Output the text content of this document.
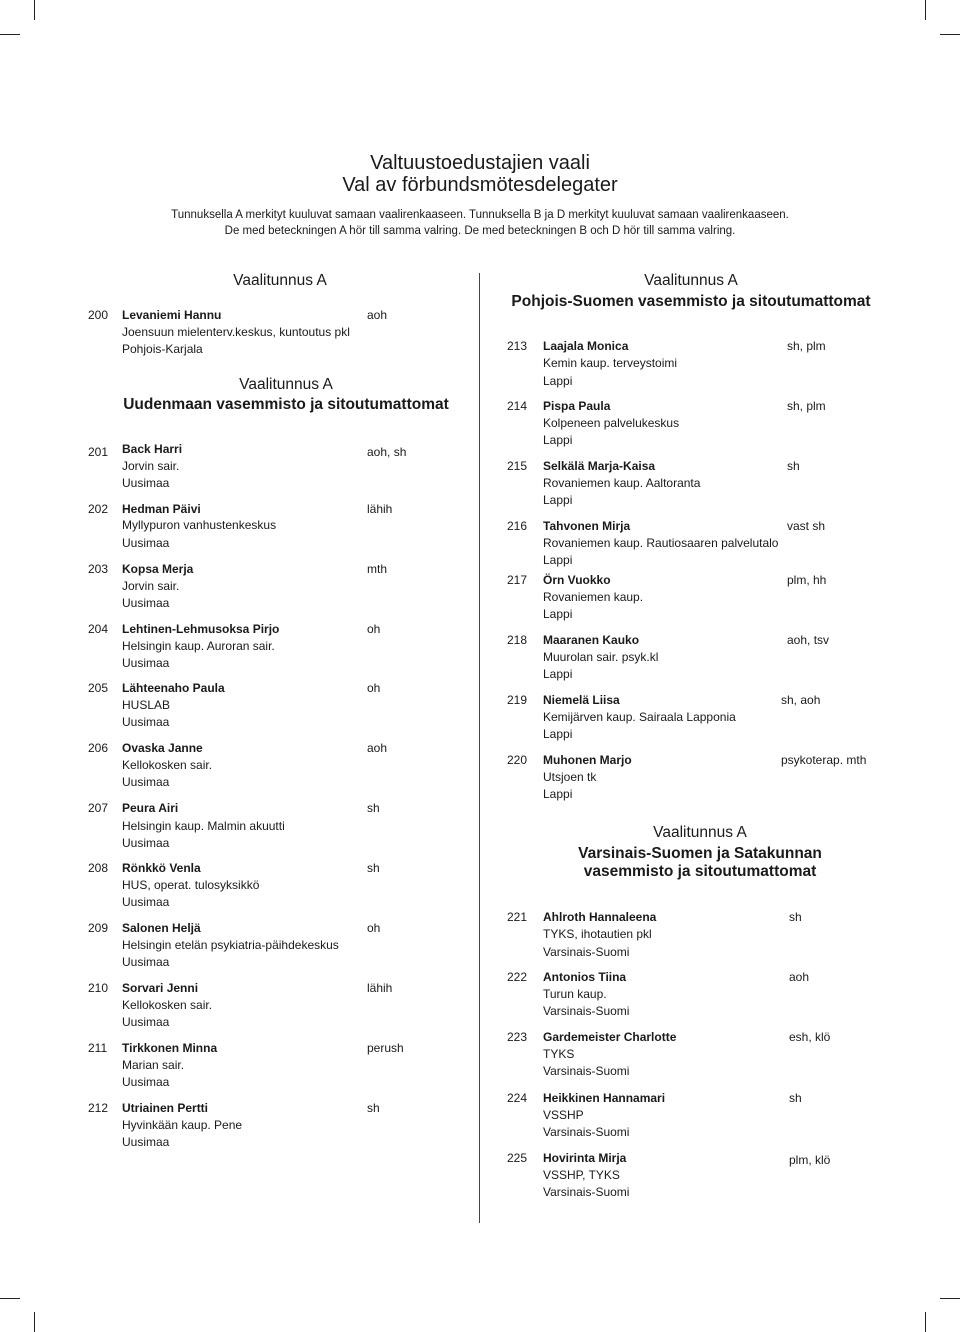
Valtuustoedustajien vaali

Val av förbundsmötesdelegater

Tunnuksella A merkityt kuuluvat samaan vaalirenkaaseen. Tunnuksella B ja D merkityt kuuluvat samaan vaalirenkaaseen.

De med beteckningen A hör till samma valring. De med beteckningen B och D hör till samma valring.

Vaalitunnus A
Vaalitunnus A
Uudenmaan vasemmisto ja sitoutumattomat
Vaalitunnus A
Pohjois-Suomen vasemmisto ja sitoutumattomat
Vaalitunnus A
Varsinais-Suomen ja Satakunnan
vasemmisto ja sitoutumattomat
200 Levaniemi Hannu	aoh
Joensuun mielenterv.keskus, kuntoutus pkl
Pohjois-Karjala
201 Back Harri	aoh, sh
Jorvin sair.
Uusimaa
202 Hedman Päivi	lähih
Myllypuron vanhustenkeskus
Uusimaa
203 Kopsa Merja	mth
Jorvin sair.
Uusimaa
204 Lehtinen-Lehmusoksa Pirjo	oh
Helsingin kaup. Auroran sair.
Uusimaa
205 Lähteenaho Paula	oh
HUSLAB
Uusimaa
206 Ovaska Janne	aoh
Kellokosken sair.
Uusimaa
207 Peura Airi	sh
Helsingin kaup. Malmin akuutti
Uusimaa
208 Rönkkö Venla	sh
HUS, operat. tulosyksikkö
Uusimaa
209 Salonen Heljä	oh
Helsingin etelän psykiatria-päihdekeskus
Uusimaa
210 Sorvari Jenni	lähih
Kellokosken sair.
Uusimaa
211 Tirkkonen Minna	perush
Marian sair.
Uusimaa
212 Utriainen Pertti	sh
Hyvinkään kaup. Pene
Uusimaa
213 Laajala Monica	sh, plm
Kemin kaup. terveystoimi
Lappi
214 Pispa Paula	sh, plm
Kolpeneen palvelukeskus
Lappi
215 Selkälä Marja-Kaisa	sh
Rovaniemen kaup. Aaltoranta
Lappi
216 Tahvonen Mirja	vast sh
Rovaniemen kaup. Rautiosaaren palvelutalo
Lappi
217 Örn Vuokko	plm, hh
Rovaniemen kaup.
Lappi
218 Maaranen Kauko	aoh, tsv
Muurolan sair. psyk.kl
Lappi
219 Niemelä Liisa	sh, aoh
Kemijärven kaup. Sairaala Lapponia
Lappi
220 Muhonen Marjo	psykoterap. mth
Utsjoen tk
Lappi
221 Ahlroth Hannaleena	sh
TYKS, ihotautien pkl
Varsinais-Suomi
222 Antonios Tiina	aoh
Turun kaup.
Varsinais-Suomi
223 Gardemeister Charlotte	esh, klö
TYKS
Varsinais-Suomi
224 Heikkinen Hannamari	sh
VSSHP
Varsinais-Suomi
225 Hovirinta Mirja	plm, klö
VSSHP, TYKS
Varsinais-Suomi
